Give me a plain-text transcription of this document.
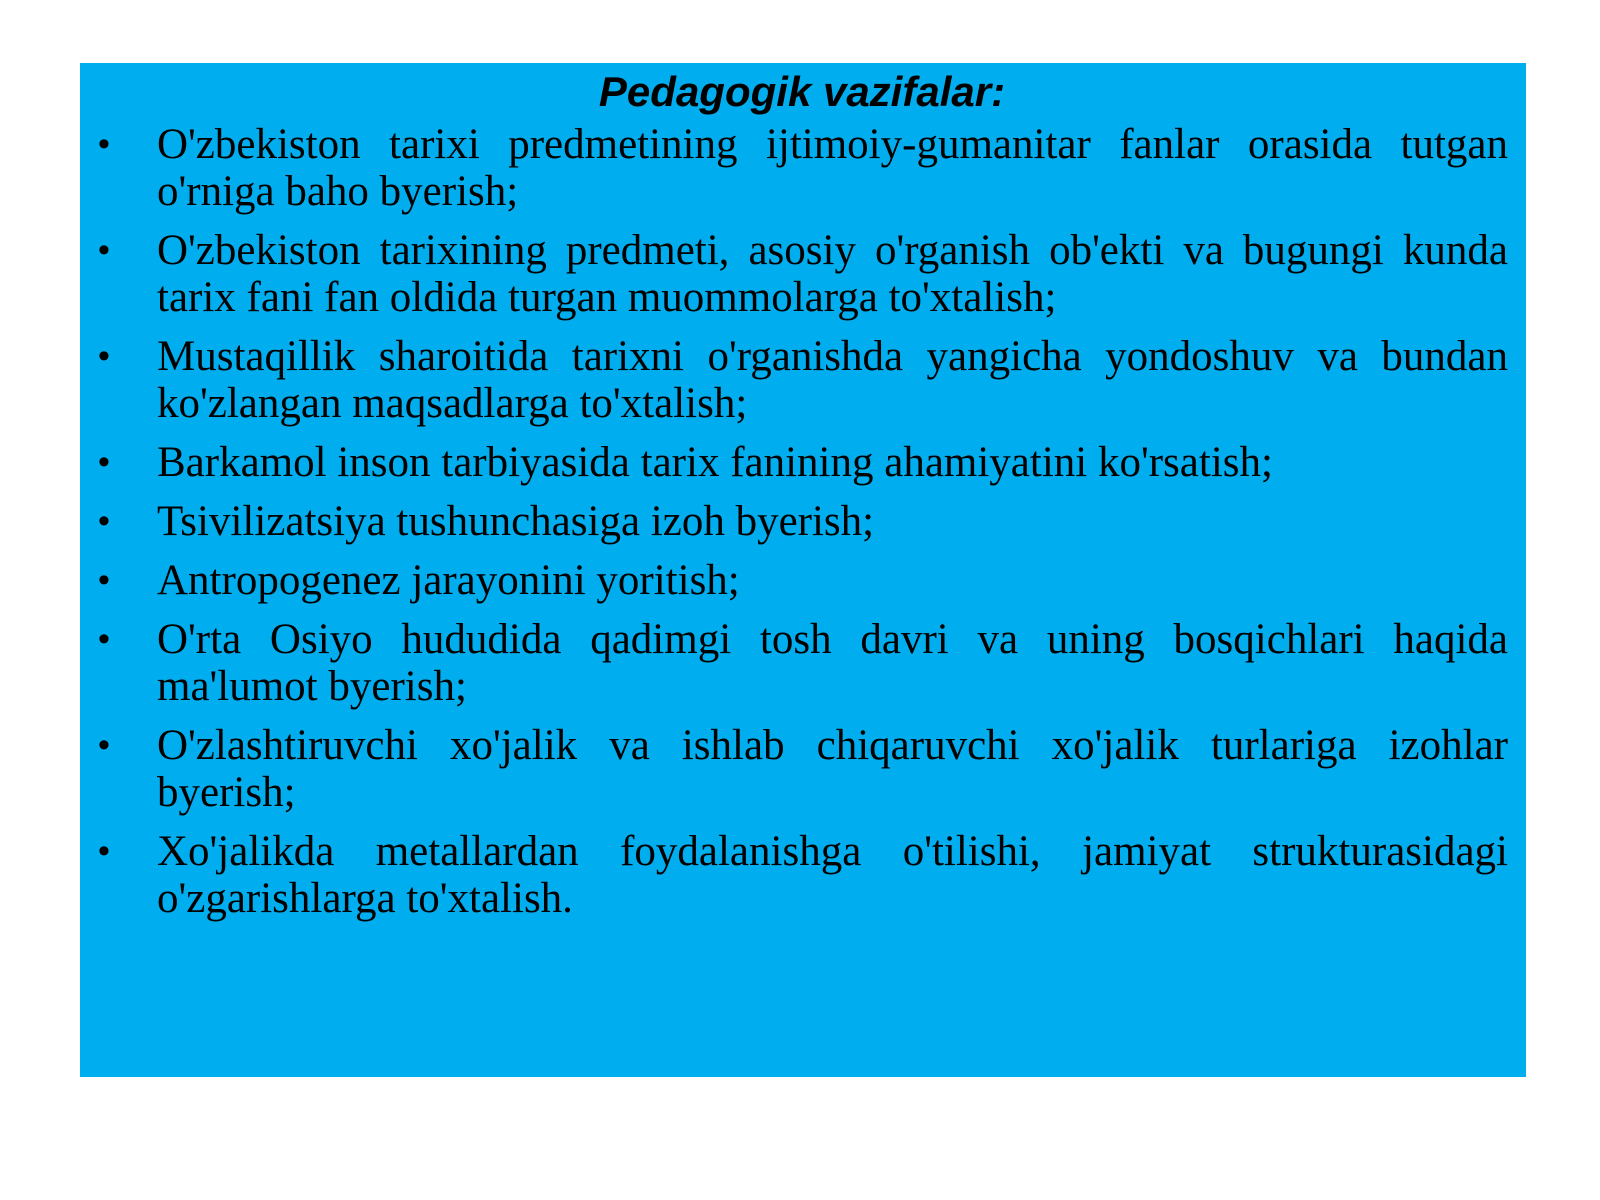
Pedagogik vazifalar:
• O'zbekiston tarixi predmetining ijtimoiy-gumanitar fanlar orasida tutgan o'rniga baho byerish;
• O'zbekiston tarixining predmeti, asosiy o'rganish ob'ekti va bugungi kunda tarix fani fan oldida turgan muommolarga to'xtalish;
• Mustaqillik sharoitida tarixni o'rganishda yangicha yondoshuv va bundan ko'zlangan maqsadlarga to'xtalish;
• Barkamol inson tarbiyasida tarix fanining ahamiyatini ko'rsatish;
• Tsivilizatsiya tushunchasiga izoh byerish;
• Antropogenez jarayonini yoritish;
• O'rta Osiyo hududida qadimgi tosh davri va uning bosqichlari haqida ma'lumot byerish;
• O'zlashtiruvchi xo'jalik va ishlab chiqaruvchi xo'jalik turlariga izohlar byerish;
• Xo'jalikda metallardan foydalanishga o'tilishi, jamiyat strukturasidagi o'zgarishlarga to'xtalish.
